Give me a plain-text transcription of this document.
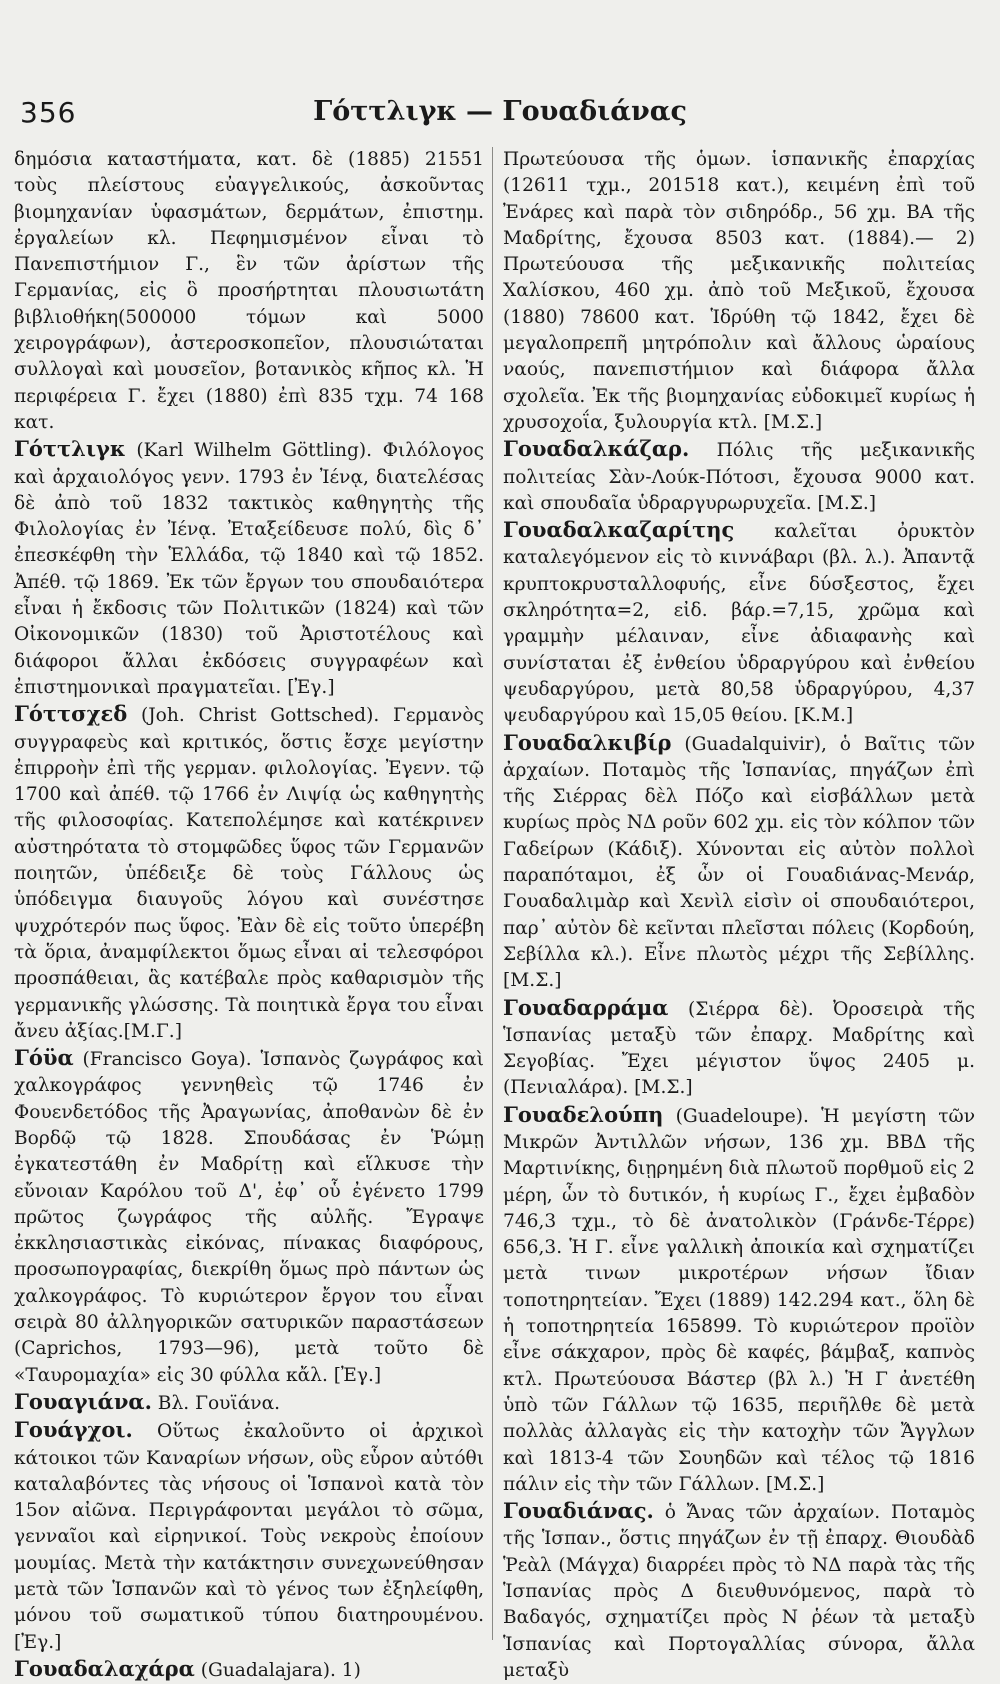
356	Γόττλιγκ — Γουαδιάνας

δημόσια καταστήματα, κατ. δὲ (1885) 21551 τοὺς πλείστους εὐαγγελικούς, ἀσκοῦντας βιομηχανίαν ὑφασμάτων, δερμάτων, ἐπιστημ. ἐργαλείων κλ. Πεφημισμένον εἶναι τὸ Πανεπιστήμιον Γ., ἓν τῶν ἀρίστων τῆς Γερμανίας, εἰς ὃ προσήρτηται πλουσιωτάτη βιβλιοθήκη(500000 τόμων καὶ 5000 χειρογράφων), ἀστεροσκοπεῖον, πλουσιώταται συλλογαὶ καὶ μουσεῖον, βοτανικὸς κῆπος κλ. Ἡ περιφέρεια Γ. ἔχει (1880) ἐπὶ 835 τχμ. 74 168 κατ.

Γόττλιγκ (Karl Wilhelm Göttling). Φιλόλογος καὶ ἀρχαιολόγος γενν. 1793 ἐν Ἰένᾳ, διατελέσας δὲ ἀπὸ τοῦ 1832 τακτικὸς καθηγητὴς τῆς Φιλολογίας ἐν Ἰένᾳ. Ἐταξείδευσε πολύ, δὶς δ᾽ ἐπεσκέφθη τὴν Ἑλλάδα, τῷ 1840 καὶ τῷ 1852. Ἀπέθ. τῷ 1869. Ἐκ τῶν ἔργων του σπουδαιότερα εἶναι ἡ ἔκδοσις τῶν Πολιτικῶν (1824) καὶ τῶν Οἰκονομικῶν (1830) τοῦ Ἀριστοτέλους καὶ διάφοροι ἄλλαι ἐκδόσεις συγγραφέων καὶ ἐπιστημονικαὶ πραγματεῖαι. [Ἐγ.]

Γόττσχεδ (Joh. Christ Gottsched). Γερμανὸς συγγραφεὺς καὶ κριτικός, ὅστις ἔσχε μεγίστην ἐπιρροὴν ἐπὶ τῆς γερμαν. φιλολογίας. Ἐγενν. τῷ 1700 καὶ ἀπέθ. τῷ 1766 ἐν Λιψίᾳ ὡς καθηγητὴς τῆς φιλοσοφίας. Κατεπολέμησε καὶ κατέκρινεν αὐστηρότατα τὸ στομφῶδες ὕφος τῶν Γερμανῶν ποιητῶν, ὑπέδειξε δὲ τοὺς Γάλλους ὡς ὑπόδειγμα διαυγοῦς λόγου καὶ συνέστησε ψυχρότερόν πως ὕφος. Ἐὰν δὲ εἰς τοῦτο ὑπερέβη τὰ ὅρια, ἀναμφίλεκτοι ὅμως εἶναι αἱ τελεσφόροι προσπάθειαι, ἃς κατέβαλε πρὸς καθαρισμὸν τῆς γερμανικῆς γλώσσης. Τὰ ποιητικὰ ἔργα του εἶναι ἄνευ ἀξίας.[Μ.Γ.]

Γόϋα (Francisco Goya). Ἱσπανὸς ζωγράφος καὶ χαλκογράφος γεννηθεὶς τῷ 1746 ἐν Φουενδετόδος τῆς Ἀραγωνίας, ἀποθανὼν δὲ ἐν Βορδῷ τῷ 1828. Σπουδάσας ἐν Ῥώμῃ ἐγκατεστάθη ἐν Μαδρίτῃ καὶ εἵλκυσε τὴν εὔνοιαν Καρόλου τοῦ Δ', ἐφ᾽ οὗ ἐγένετο 1799 πρῶτος ζωγράφος τῆς αὐλῆς. Ἔγραψε ἐκκλησιαστικὰς εἰκόνας, πίνακας διαφόρους, προσωπογραφίας, διεκρίθη ὅμως πρὸ πάντων ὡς χαλκογράφος. Τὸ κυριώτερον ἔργον του εἶναι σειρὰ 80 ἀλληγορικῶν σατυρικῶν παραστάσεων (Caprichos, 1793—96), μετὰ τοῦτο δὲ «Ταυρομαχία» εἰς 30 φύλλα κἄλ. [Ἐγ.]

Γουαγιάνα. Βλ. Γουϊάνα.

Γουάγχοι. Οὕτως ἐκαλοῦντο οἱ ἀρχικοὶ κάτοικοι τῶν Καναρίων νήσων, οὓς εὗρον αὐτόθι καταλαβόντες τὰς νήσους οἱ Ἱσπανοὶ κατὰ τὸν 15ον αἰῶνα. Περιγράφονται μεγάλοι τὸ σῶμα, γενναῖοι καὶ εἰρηνικοί. Τοὺς νεκροὺς ἐποίουν μουμίας. Μετὰ τὴν κατάκτησιν συνεχωνεύθησαν μετὰ τῶν Ἱσπανῶν καὶ τὸ γένος των ἐξηλείφθη, μόνου τοῦ σωματικοῦ τύπου διατηρουμένου. [Ἐγ.]

Γουαδαλαχάρα (Guadalajara). 1)

Πρωτεύουσα τῆς ὁμων. ἱσπανικῆς ἐπαρχίας (12611 τχμ., 201518 κατ.), κειμένη ἐπὶ τοῦ Ἐνάρες καὶ παρὰ τὸν σιδηρόδρ., 56 χμ. ΒΑ τῆς Μαδρίτης, ἔχουσα 8503 κατ. (1884).— 2) Πρωτεύουσα τῆς μεξικανικῆς πολιτείας Χαλίσκου, 460 χμ. ἀπὸ τοῦ Μεξικοῦ, ἔχουσα (1880) 78600 κατ. Ἱδρύθη τῷ 1842, ἔχει δὲ μεγαλοπρεπῆ μητρόπολιν καὶ ἄλλους ὡραίους ναούς, πανεπιστήμιον καὶ διάφορα ἄλλα σχολεῖα. Ἐκ τῆς βιομηχανίας εὐδοκιμεῖ κυρίως ἡ χρυσοχοΐα, ξυλουργία κτλ. [Μ.Σ.]

Γουαδαλκάζαρ. Πόλις τῆς μεξικανικῆς πολιτείας Σὰν-Λούκ-Πότοσι, ἔχουσα 9000 κατ. καὶ σπουδαῖα ὑδραργυρωρυχεῖα. [Μ.Σ.]

Γουαδαλκαζαρίτης καλεῖται ὀρυκτὸν καταλεγόμενον εἰς τὸ κιννάβαρι (βλ. λ.). Ἀπαντᾷ κρυπτοκρυσταλλοφυής, εἶνε δύσξεστος, ἔχει σκληρότητα=2, εἰδ. βάρ.=7,15, χρῶμα καὶ γραμμὴν μέλαιναν, εἶνε ἀδιαφανὴς καὶ συνίσταται ἐξ ἐνθείου ὑδραργύρου καὶ ἐνθείου ψευδαργύρου, μετὰ 80,58 ὑδραργύρου, 4,37 ψευδαργύρου καὶ 15,05 θείου. [Κ.Μ.]

Γουαδαλκιβίρ (Guadalquivir), ὁ Βαῖτις τῶν ἀρχαίων. Ποταμὸς τῆς Ἱσπανίας, πηγάζων ἐπὶ τῆς Σιέρρας δὲλ Πόζο καὶ εἰσβάλλων μετὰ κυρίως πρὸς ΝΔ ροῦν 602 χμ. εἰς τὸν κόλπον τῶν Γαδείρων (Κάδιξ). Χύνονται εἰς αὐτὸν πολλοὶ παραπόταμοι, ἐξ ὧν οἱ Γουαδιάνας-Μενάρ, Γουαδαλιμὰρ καὶ Χενὶλ εἰσὶν οἱ σπουδαιότεροι, παρ᾽ αὐτὸν δὲ κεῖνται πλεῖσται πόλεις (Κορδούη, Σεβίλλα κλ.). Εἶνε πλωτὸς μέχρι τῆς Σεβίλλης. [Μ.Σ.]

Γουαδαρράμα (Σιέρρα δὲ). Ὀροσειρὰ τῆς Ἱσπανίας μεταξὺ τῶν ἐπαρχ. Μαδρίτης καὶ Σεγοβίας. Ἔχει μέγιστον ὕψος 2405 μ. (Πενιαλάρα). [Μ.Σ.]

Γουαδελούπη (Guadeloupe). Ἡ μεγίστη τῶν Μικρῶν Ἀντιλλῶν νήσων, 136 χμ. ΒΒΔ τῆς Μαρτινίκης, διῃρημένη διὰ πλωτοῦ πορθμοῦ εἰς 2 μέρη, ὧν τὸ δυτικόν, ἡ κυρίως Γ., ἔχει ἐμβαδὸν 746,3 τχμ., τὸ δὲ ἀνατολικὸν (Γράνδε-Τέρρε) 656,3. Ἡ Γ. εἶνε γαλλικὴ ἀποικία καὶ σχηματίζει μετὰ τινων μικροτέρων νήσων ἴδιαν τοποτηρητείαν. Ἔχει (1889) 142.294 κατ., ὅλη δὲ ἡ τοποτηρητεία 165899. Τὸ κυριώτερον προϊὸν εἶνε σάκχαρον, πρὸς δὲ καφές, βάμβαξ, καπνὸς κτλ. Πρωτεύουσα Βάστερ (βλ λ.) Ἡ Γ ἀνετέθη ὑπὸ τῶν Γάλλων τῷ 1635, περιῆλθε δὲ μετὰ πολλὰς ἀλλαγὰς εἰς τὴν κατοχὴν τῶν Ἄγγλων καὶ 1813-4 τῶν Σουηδῶν καὶ τέλος τῷ 1816 πάλιν εἰς τὴν τῶν Γάλλων. [Μ.Σ.]

Γουαδιάνας. ὁ Ἄνας τῶν ἀρχαίων. Ποταμὸς τῆς Ἱσπαν., ὅστις πηγάζων ἐν τῇ ἐπαρχ. Θιουδὰδ Ῥεὰλ (Μάγχα) διαρρέει πρὸς τὸ ΝΔ παρὰ τὰς τῆς Ἱσπανίας πρὸς Δ διευθυνόμενος, παρὰ τὸ Βαδαγός, σχηματίζει πρὸς Ν ῥέων τὰ μεταξὺ Ἱσπανίας καὶ Πορτογαλλίας σύνορα, ἄλλα μεταξὺ
